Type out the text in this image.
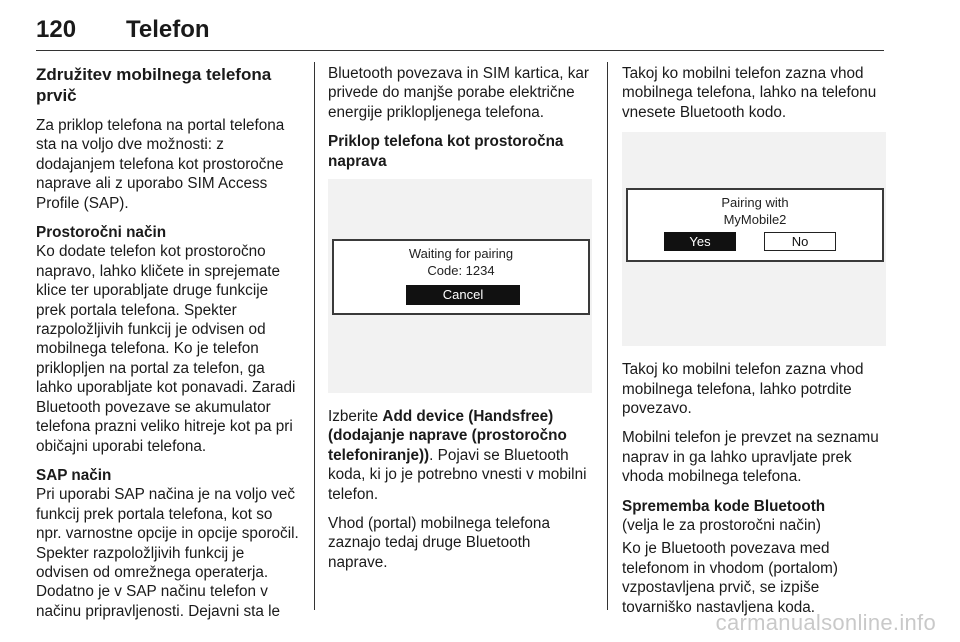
120 Telefon
Združitev mobilnega telefona prvič

Za priklop telefona na portal telefona sta na voljo dve možnosti: z dodajanjem telefona kot prostoročne naprave ali z uporabo SIM Access Profile (SAP).

Prostoročni način

Ko dodate telefon kot prostoročno napravo, lahko kličete in sprejemate klice ter uporabljate druge funkcije prek portala telefona. Spekter razpoložljivih funkcij je odvisen od mobilnega telefona. Ko je telefon priklopljen na portal za telefon, ga lahko uporabljate kot ponavadi. Zaradi Bluetooth povezave se akumulator telefona prazni veliko hitreje kot pa pri običajni uporabi telefona.

SAP način

Pri uporabi SAP načina je na voljo več funkcij prek portala telefona, kot so npr. varnostne opcije in opcije sporočil. Spekter razpoložljivih funkcij je odvisen od omrežnega operaterja. Dodatno je v SAP načinu telefon v načinu pripravljenosti. Dejavni sta le

Bluetooth povezava in SIM kartica, kar privede do manjše porabe električne energije priklopljenega telefona.

Priklop telefona kot prostoročna naprava
Waiting for pairing
Code: 1234
Cancel

Izberite Add device (Handsfree) (dodajanje naprave (prostoročno telefoniranje)). Pojavi se Bluetooth koda, ki jo je potrebno vnesti v mobilni telefon.

Vhod (portal) mobilnega telefona zaznajo tedaj druge Bluetooth naprave.

Takoj ko mobilni telefon zazna vhod mobilnega telefona, lahko na telefonu vnesete Bluetooth kodo.

Pairing with
MyMobile2
Yes	No

Takoj ko mobilni telefon zazna vhod mobilnega telefona, lahko potrdite povezavo.

Mobilni telefon je prevzet na seznamu naprav in ga lahko upravljate prek vhoda mobilnega telefona.

Sprememba kode Bluetooth

(velja le za prostoročni način)

Ko je Bluetooth povezava med telefonom in vhodom (portalom) vzpostavljena prvič, se izpiše tovarniško nastavljena koda.

carmanualsonline.info
